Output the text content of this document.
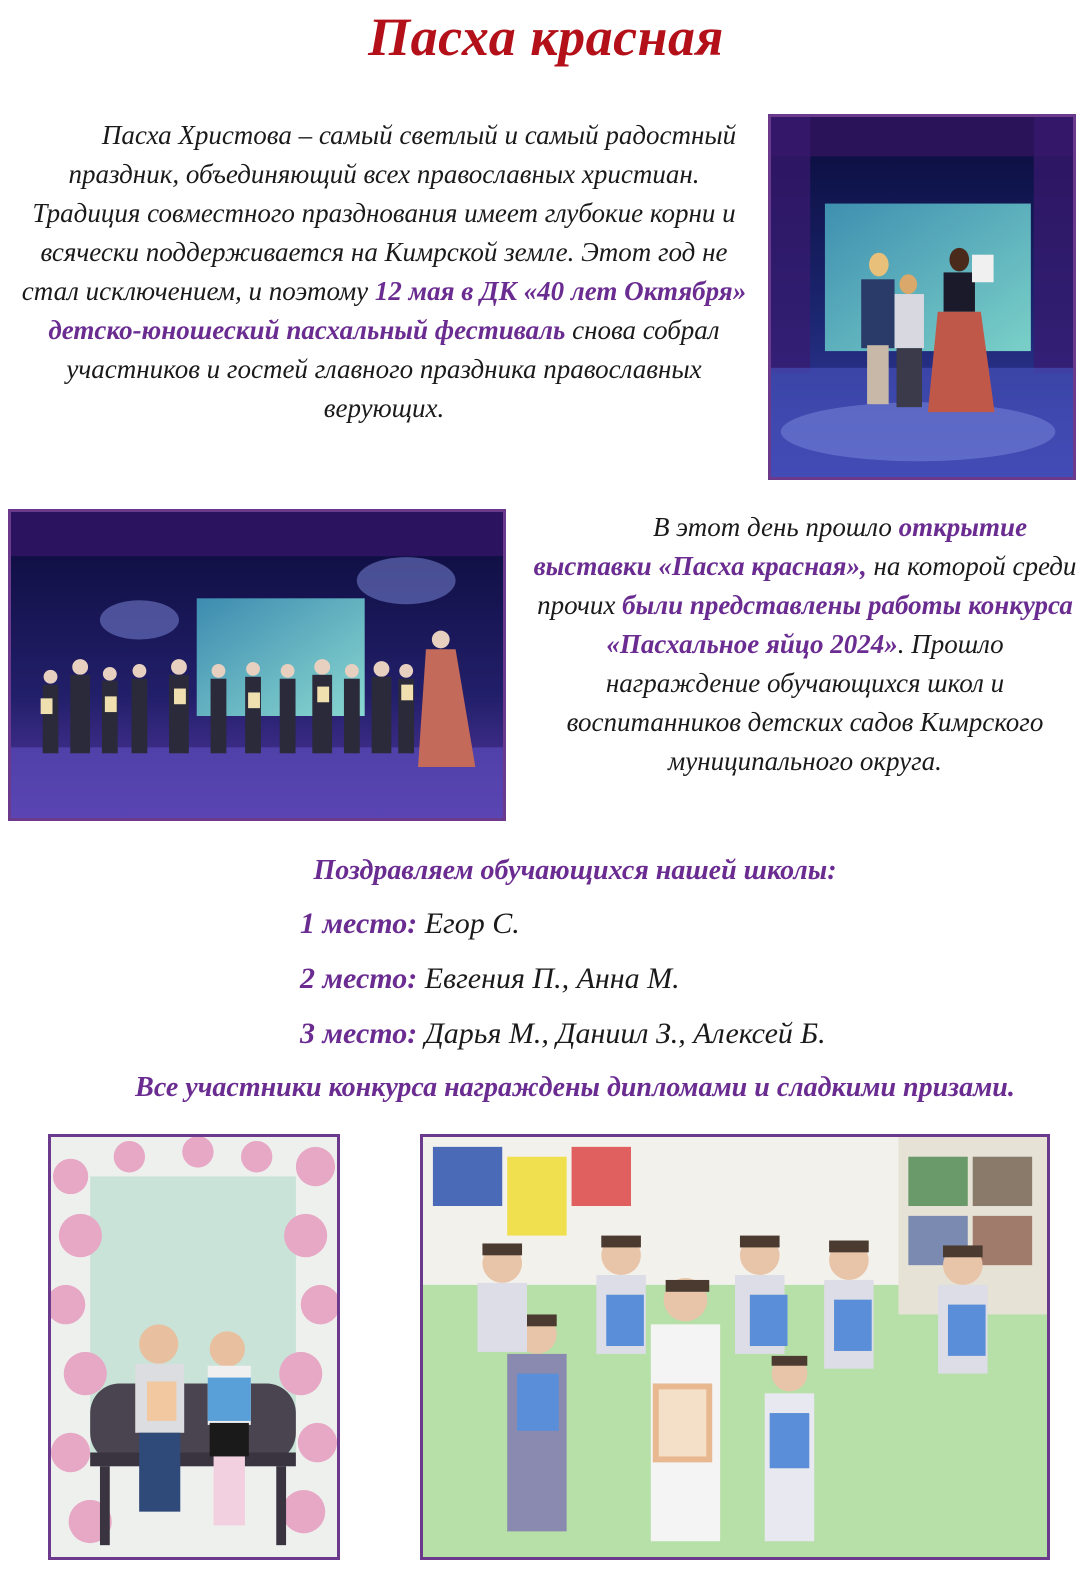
Пасха красная
Пасха Христова – самый светлый и самый радостный праздник, объединяющий всех православных христиан. Традиция совместного празднования имеет глубокие корни и всячески поддерживается на Кимрской земле. Этот год не стал исключением, и поэтому 12 мая в ДК «40 лет Октября» детско-юношеский пасхальный фестиваль снова собрал участников и гостей главного праздника православных верующих.
В этот день прошло открытие выставки «Пасха красная», на которой среди прочих были представлены работы конкурса «Пасхальное яйцо 2024». Прошло награждение обучающихся школ и воспитанников детских садов Кимрского муниципального округа.
Поздравляем обучающихся нашей школы:
1 место: Егор С.
2 место: Евгения П., Анна М.
3 место: Дарья М., Даниил З., Алексей Б.
Все участники конкурса награждены дипломами и сладкими призами.
